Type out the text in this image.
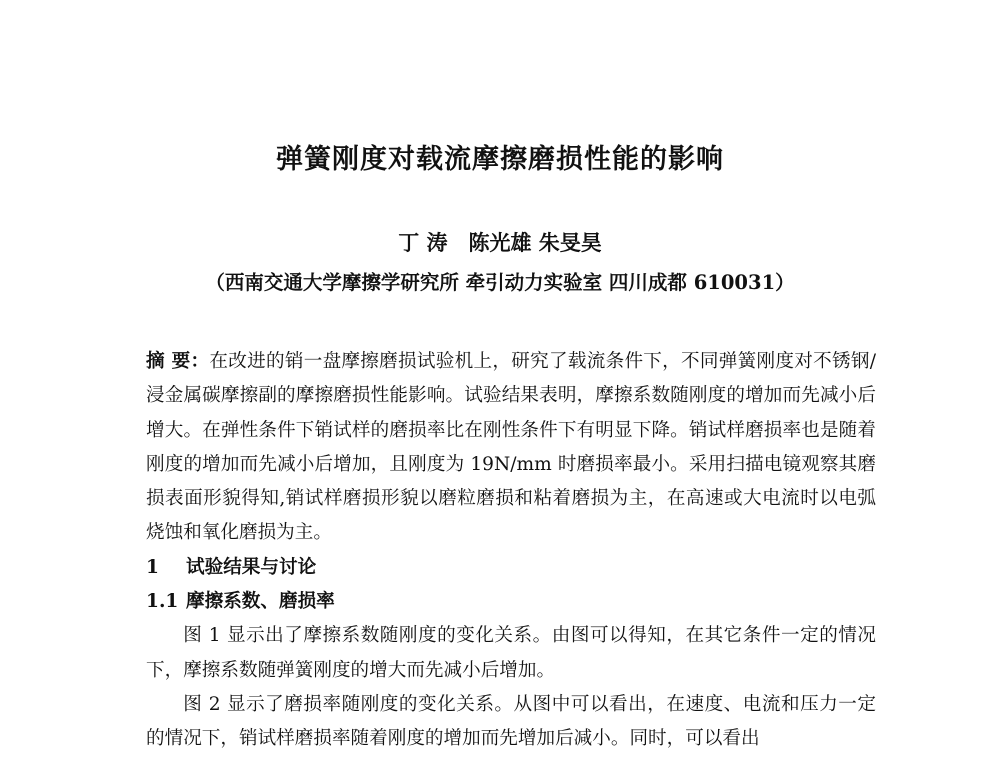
弹簧刚度对载流摩擦磨损性能的影响
丁 涛　陈光雄 朱旻昊
（西南交通大学摩擦学研究所 牵引动力实验室 四川成都 610031）

摘 要：在改进的销一盘摩擦磨损试验机上，研究了载流条件下，不同弹簧刚度对不锈钢/浸金属碳摩擦副的摩擦磨损性能影响。试验结果表明，摩擦系数随刚度的增加而先减小后增大。在弹性条件下销试样的磨损率比在刚性条件下有明显下降。销试样磨损率也是随着刚度的增加而先减小后增加，且刚度为 19N/mm 时磨损率最小。采用扫描电镜观察其磨损表面形貌得知,销试样磨损形貌以磨粒磨损和粘着磨损为主，在高速或大电流时以电弧烧蚀和氧化磨损为主。

1 试验结果与讨论

1.1 摩擦系数、磨损率

图 1 显示出了摩擦系数随刚度的变化关系。由图可以得知，在其它条件一定的情况下，摩擦系数随弹簧刚度的增大而先减小后增加。

图 2 显示了磨损率随刚度的变化关系。从图中可以看出，在速度、电流和压力一定的情况下，销试样磨损率随着刚度的增加而先增加后减小。同时，可以看出
